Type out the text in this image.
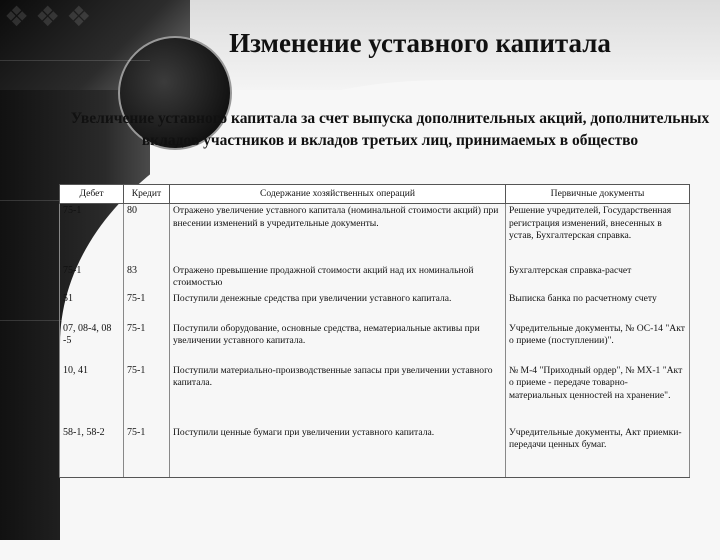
❖❖❖
Изменение уставного капитала
Увеличение уставного капитала за счет выпуска дополнительных акций, дополнительных вкладов участников и вкладов третьих лиц, принимаемых в общество
Дебет	Кредит	Содержание хозяйственных операций	Первичные документы
75-1	80	Отражено увеличение уставного капитала (номинальной стоимости акций) при внесении изменений в учредительные документы.	Решение учредителей, Государственная регистрация изменений, внесенных в устав, Бухгалтерская справка.
75-1	83	Отражено превышение продажной стоимости акций над их номинальной стоимостью	Бухгалтерская справка-расчет
51	75-1	Поступили денежные средства при увеличении уставного капитала.	Выписка банка по расчетному счету
07, 08-4, 08 -5	75-1	Поступили оборудование, основные средства, нематериальные активы при увеличении уставного капитала.	Учредительные документы, № ОС-14 "Акт о приеме (поступлении)".
10, 41	75-1	Поступили материально-производственные запасы при увеличении уставного капитала.	№ М-4 "Приходный ордер", № МХ-1 "Акт о приеме - передаче товарно-материальных ценностей на хранение".
58-1, 58-2	75-1	Поступили ценные бумаги при увеличении уставного капитала.	Учредительные документы, Акт приемки-передачи ценных бумаг.
